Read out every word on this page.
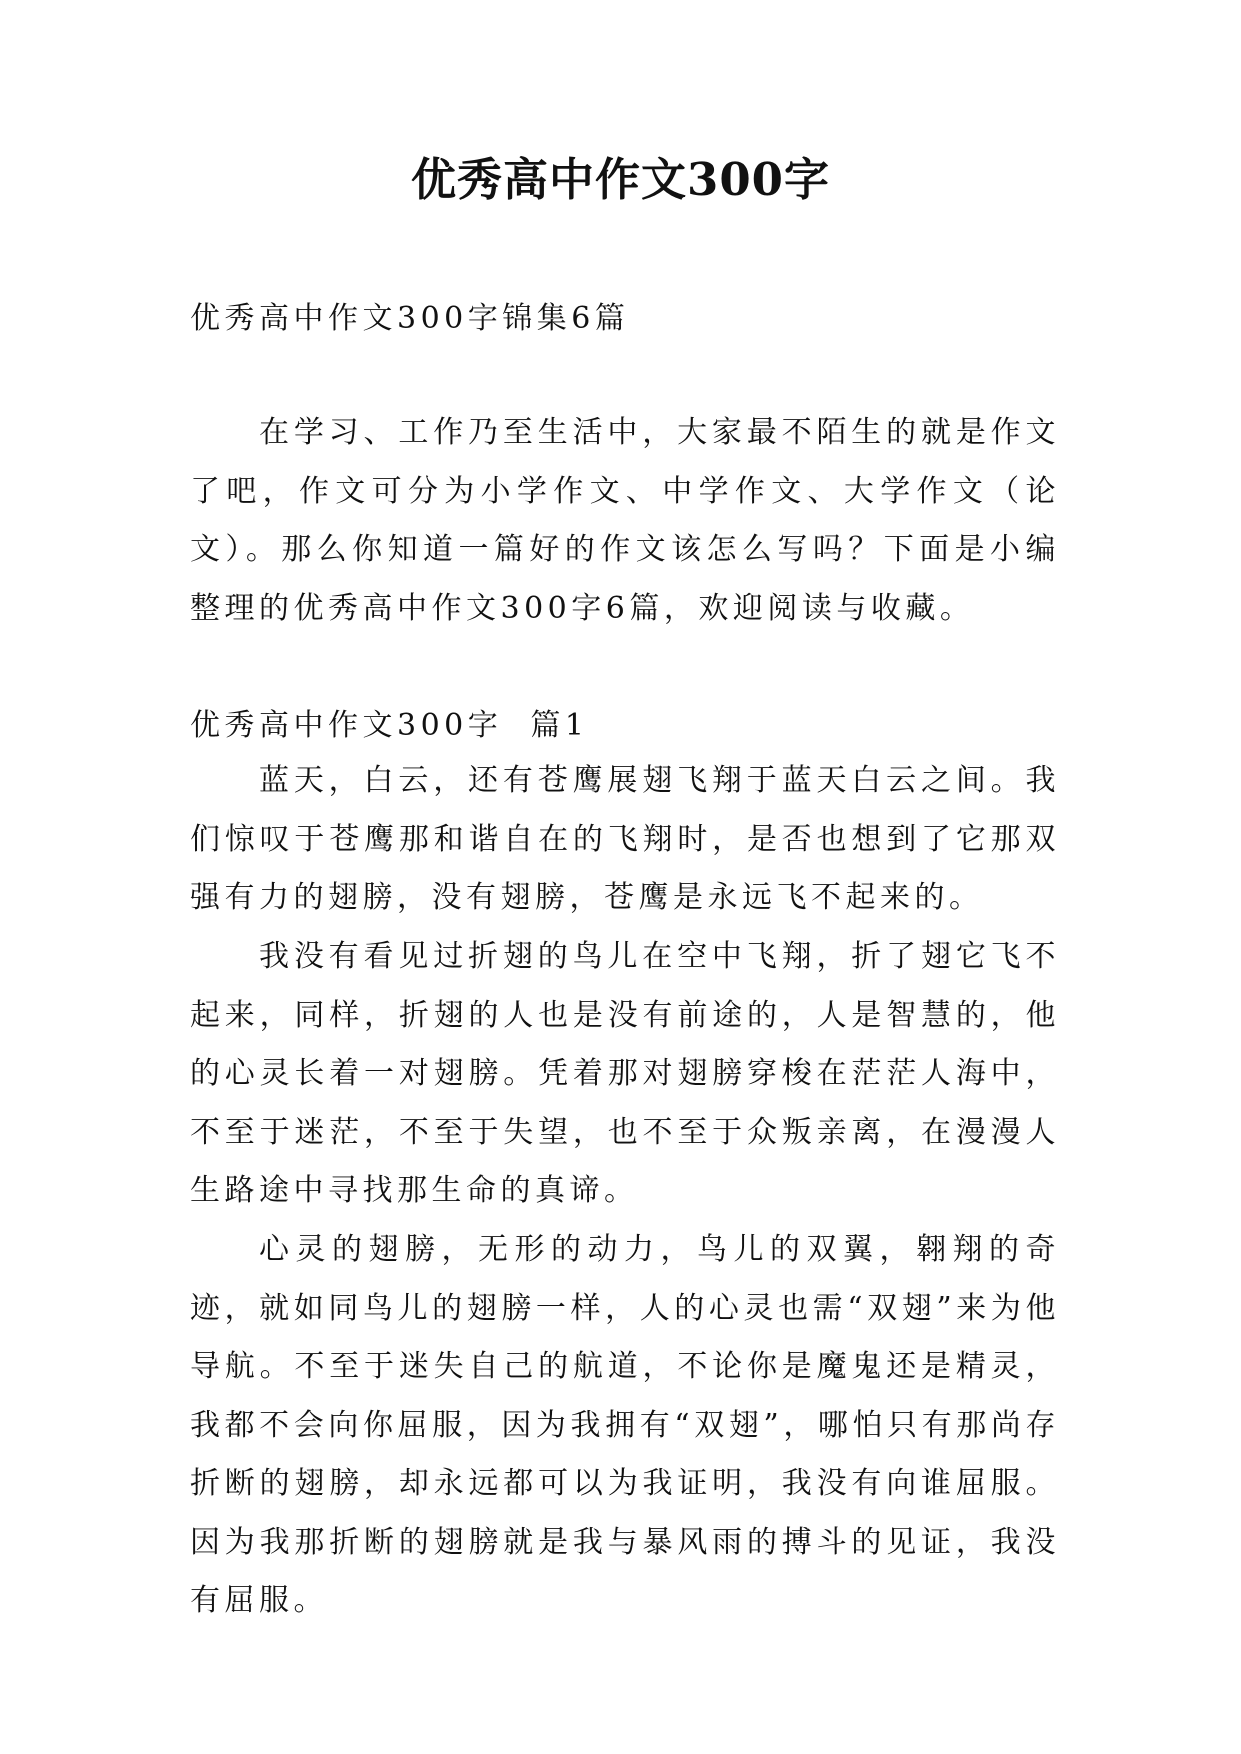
优秀高中作文300字

优秀高中作文300字锦集6篇

在学习、工作乃至生活中，大家最不陌生的就是作文了吧，作文可分为小学作文、中学作文、大学作文（论文）。那么你知道一篇好的作文该怎么写吗？下面是小编整理的优秀高中作文300字6篇，欢迎阅读与收藏。

优秀高中作文300字  篇1

蓝天，白云，还有苍鹰展翅飞翔于蓝天白云之间。我们惊叹于苍鹰那和谐自在的飞翔时，是否也想到了它那双强有力的翅膀，没有翅膀，苍鹰是永远飞不起来的。

我没有看见过折翅的鸟儿在空中飞翔，折了翅它飞不起来，同样，折翅的人也是没有前途的，人是智慧的，他的心灵长着一对翅膀。凭着那对翅膀穿梭在茫茫人海中，不至于迷茫，不至于失望，也不至于众叛亲离，在漫漫人生路途中寻找那生命的真谛。

心灵的翅膀，无形的动力，鸟儿的双翼，翱翔的奇迹，就如同鸟儿的翅膀一样，人的心灵也需“双翅”来为他导航。不至于迷失自己的航道，不论你是魔鬼还是精灵，我都不会向你屈服，因为我拥有“双翅”，哪怕只有那尚存折断的翅膀，却永远都可以为我证明，我没有向谁屈服。因为我那折断的翅膀就是我与暴风雨的搏斗的见证，我没有屈服。
